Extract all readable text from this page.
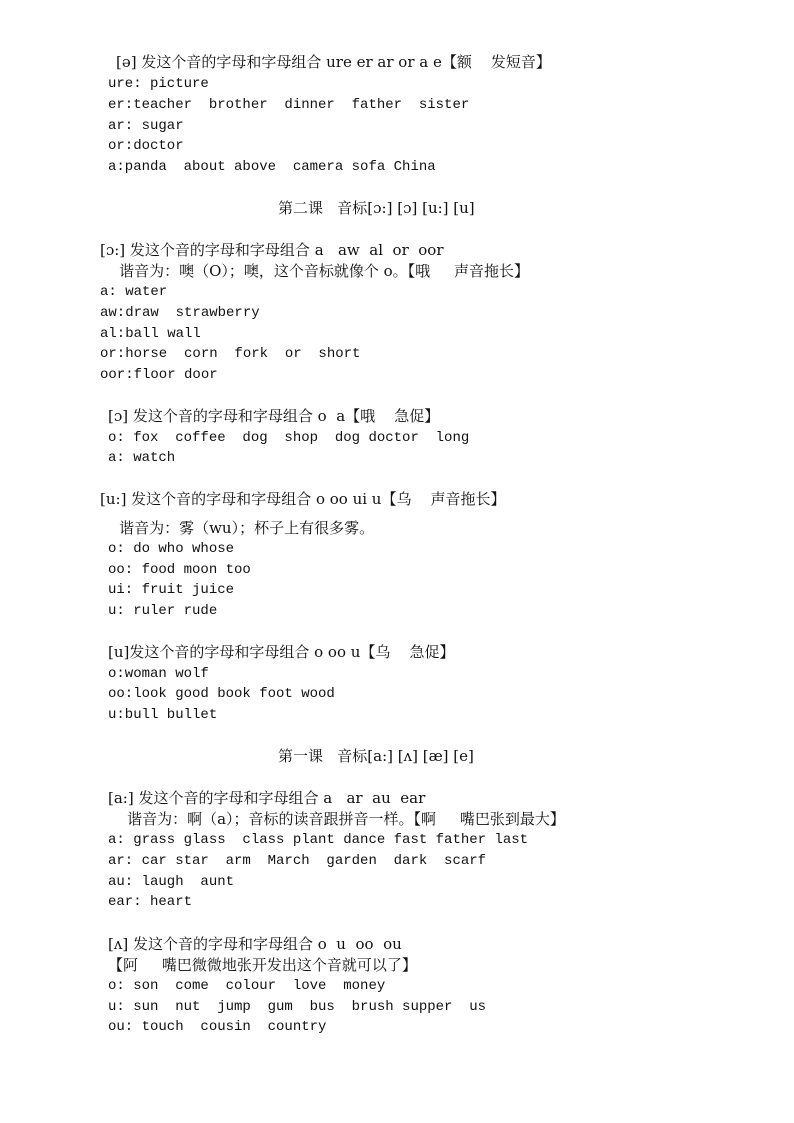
[ə] 发这个音的字母和字母组合 ure er ar or a e【额    发短音】
ure: picture
er:teacher  brother  dinner  father  sister
ar: sugar
or:doctor
a:panda  about above  camera sofa China
第二课   音标[ɔ:] [ɔ] [u:] [u]
[ɔ:] 发这个音的字母和字母组合 a   aw  al  or  oor
谐音为：噢（O）；噢，这个音标就像个 o。【哦     声音拖长】
a: water
aw:draw  strawberry
al:ball wall
or:horse  corn  fork  or  short
oor:floor door
[ɔ] 发这个音的字母和字母组合 o  a【哦    急促】
o: fox  coffee  dog  shop  dog doctor  long
a: watch
[u:] 发这个音的字母和字母组合 o oo ui u【乌    声音拖长】
谐音为：雾（wu）；杯子上有很多雾。
o: do who whose
oo: food moon too
ui: fruit juice
u: ruler rude
[u]发这个音的字母和字母组合 o oo u【乌    急促】
o:woman wolf
oo:look good book foot wood
u:bull bullet
第一课   音标[a:] [ʌ] [æ] [e]
[a:] 发这个音的字母和字母组合 a   ar  au  ear
谐音为：啊（a）；音标的读音跟拼音一样。【啊     嘴巴张到最大】
a: grass glass  class plant dance fast father last
ar: car star  arm  March  garden  dark  scarf
au: laugh  aunt
ear: heart
[ʌ] 发这个音的字母和字母组合 o  u  oo  ou
【阿     嘴巴微微地张开发出这个音就可以了】
o: son  come  colour  love  money
u: sun  nut  jump  gum  bus  brush supper  us
ou: touch  cousin  country
